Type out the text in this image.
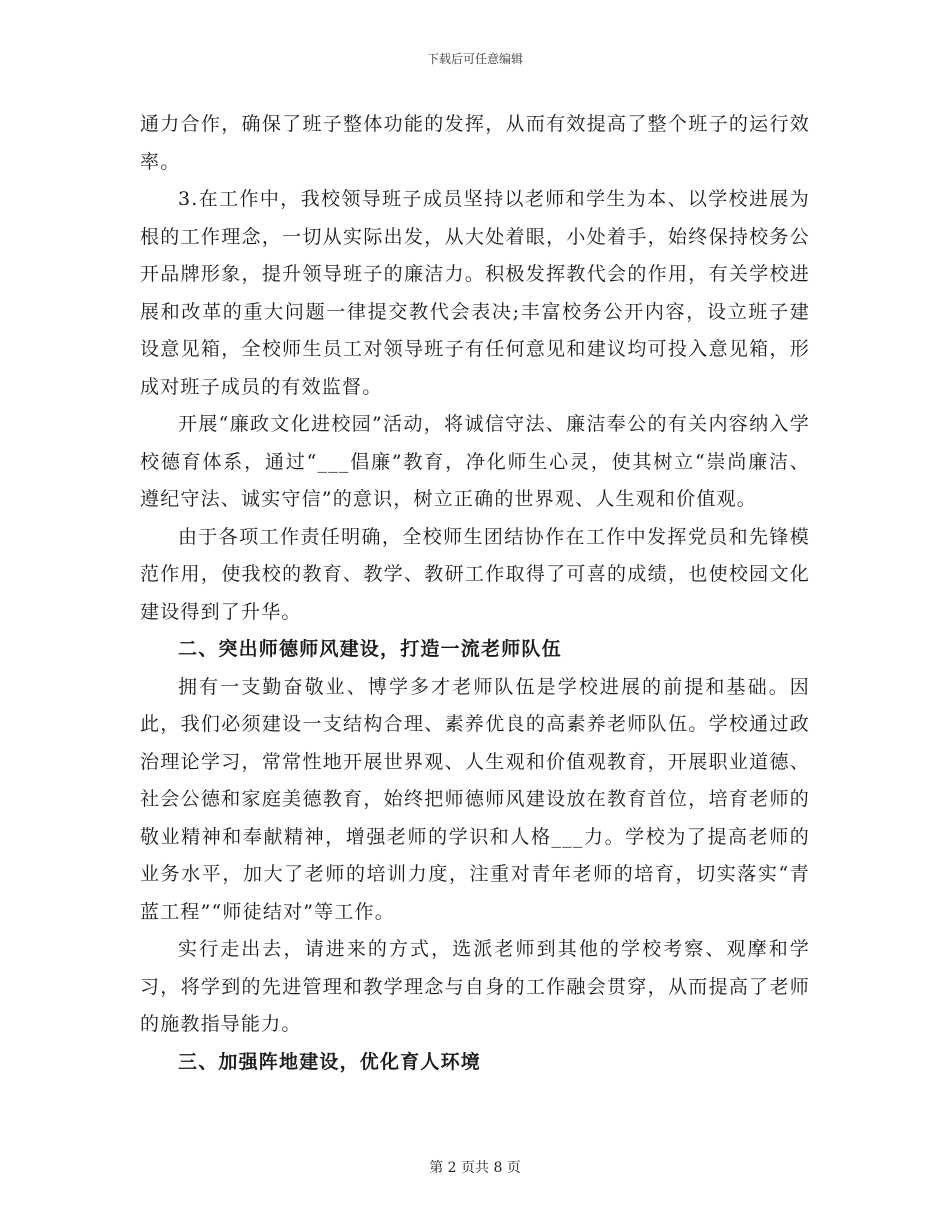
下载后可任意编辑

通力合作，确保了班子整体功能的发挥，从而有效提高了整个班子的运行效率。

3.在工作中，我校领导班子成员坚持以老师和学生为本、以学校进展为根的工作理念，一切从实际出发，从大处着眼，小处着手，始终保持校务公开品牌形象，提升领导班子的廉洁力。积极发挥教代会的作用，有关学校进展和改革的重大问题一律提交教代会表决;丰富校务公开内容，设立班子建设意见箱，全校师生员工对领导班子有任何意见和建议均可投入意见箱，形成对班子成员的有效监督。

开展“廉政文化进校园”活动，将诚信守法、廉洁奉公的有关内容纳入学校德育体系，通过“___倡廉”教育，净化师生心灵，使其树立“崇尚廉洁、遵纪守法、诚实守信”的意识，树立正确的世界观、人生观和价值观。

由于各项工作责任明确，全校师生团结协作在工作中发挥党员和先锋模范作用，使我校的教育、教学、教研工作取得了可喜的成绩，也使校园文化建设得到了升华。

二、突出师德师风建设，打造一流老师队伍

拥有一支勤奋敬业、博学多才老师队伍是学校进展的前提和基础。因此，我们必须建设一支结构合理、素养优良的高素养老师队伍。学校通过政治理论学习，常常性地开展世界观、人生观和价值观教育，开展职业道德、社会公德和家庭美德教育，始终把师德师风建设放在教育首位，培育老师的敬业精神和奉献精神，增强老师的学识和人格___力。学校为了提高老师的业务水平，加大了老师的培训力度，注重对青年老师的培育，切实落实“青蓝工程”“师徒结对”等工作。

实行走出去，请进来的方式，选派老师到其他的学校考察、观摩和学习，将学到的先进管理和教学理念与自身的工作融会贯穿，从而提高了老师的施教指导能力。

三、加强阵地建设，优化育人环境

第 2 页共 8 页
